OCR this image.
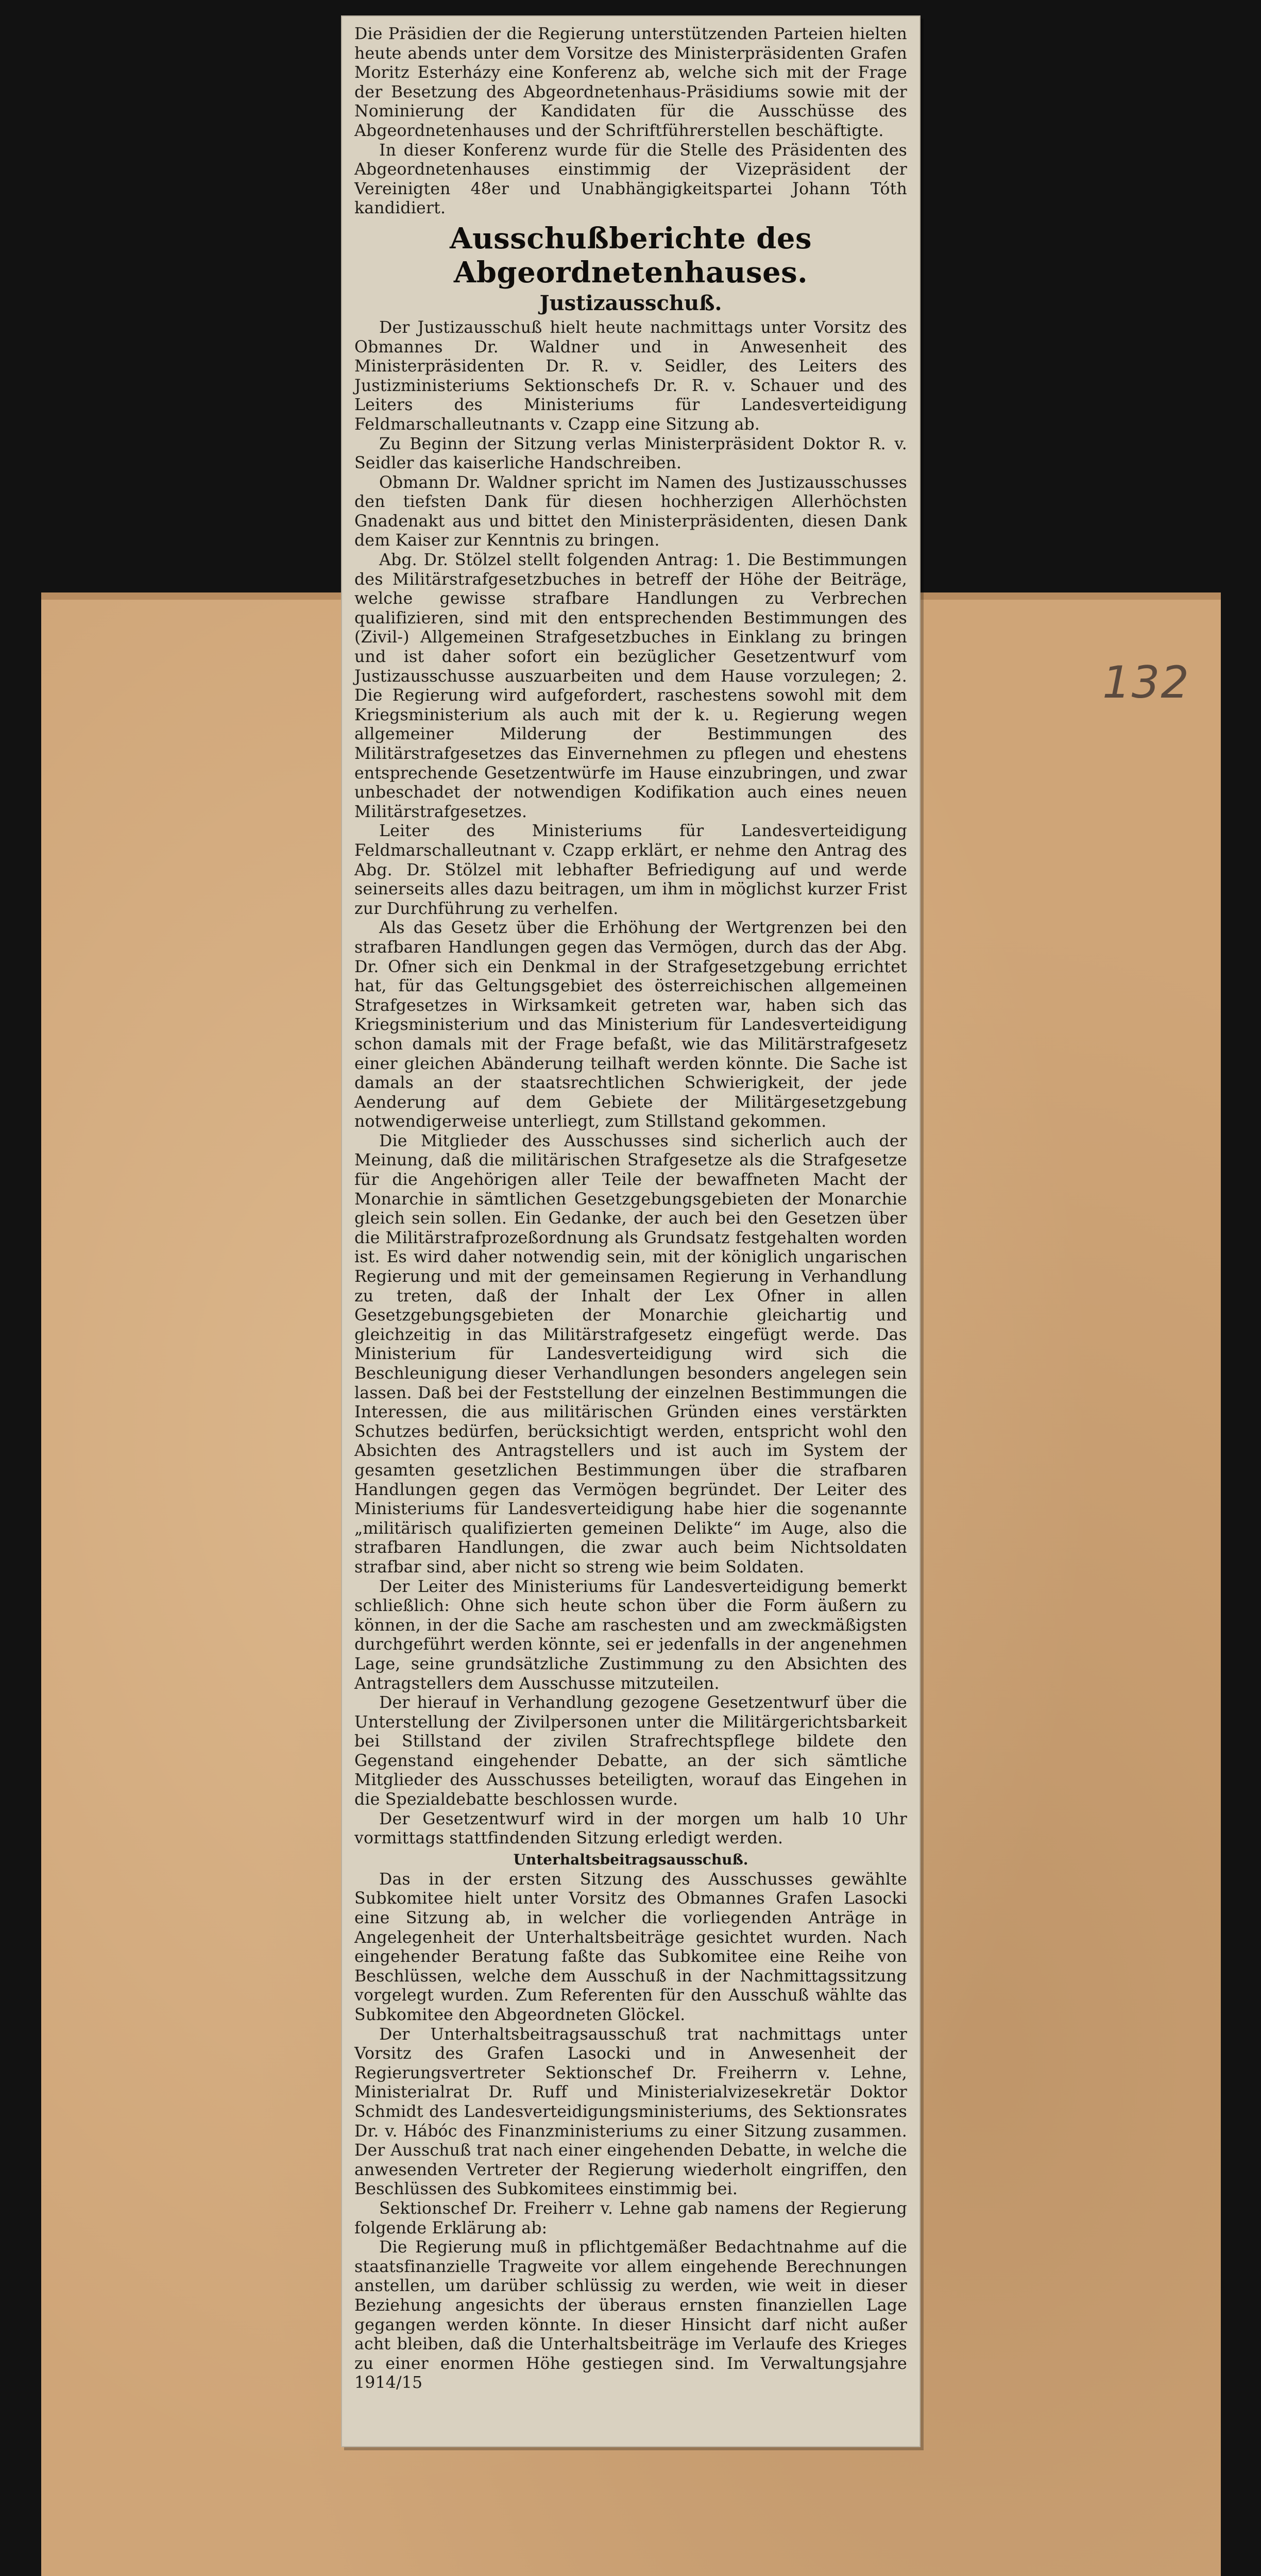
132

Die Präsidien der die Regierung unterstützenden Parteien hielten heute abends unter dem Vorsitze des Ministerpräsidenten Grafen Moritz Esterházy eine Konferenz ab, welche sich mit der Frage der Besetzung des Abgeordnetenhaus-Präsidiums sowie mit der Nominierung der Kandidaten für die Ausschüsse des Abgeordnetenhauses und der Schriftführerstellen beschäftigte.

In dieser Konferenz wurde für die Stelle des Präsidenten des Abgeordnetenhauses einstimmig der Vizepräsident der Vereinigten 48er und Unabhängigkeitspartei Johann Tóth kandidiert.

Ausschußberichte des Abgeordnetenhauses.
Justizausschuß.

Der Justizausschuß hielt heute nachmittags unter Vorsitz des Obmannes Dr. Waldner und in Anwesenheit des Ministerpräsidenten Dr. R. v. Seidler, des Leiters des Justizministeriums Sektionschefs Dr. R. v. Schauer und des Leiters des Ministeriums für Landesverteidigung Feldmarschalleutnants v. Czapp eine Sitzung ab.

Zu Beginn der Sitzung verlas Ministerpräsident Doktor R. v. Seidler das kaiserliche Handschreiben.

Obmann Dr. Waldner spricht im Namen des Justizausschusses den tiefsten Dank für diesen hochherzigen Allerhöchsten Gnadenakt aus und bittet den Ministerpräsidenten, diesen Dank dem Kaiser zur Kenntnis zu bringen.

Abg. Dr. Stölzel stellt folgenden Antrag: 1. Die Bestimmungen des Militärstrafgesetzbuches in betreff der Höhe der Beiträge, welche gewisse strafbare Handlungen zu Verbrechen qualifizieren, sind mit den entsprechenden Bestimmungen des (Zivil-) Allgemeinen Strafgesetzbuches in Einklang zu bringen und ist daher sofort ein bezüglicher Gesetzentwurf vom Justizausschusse auszuarbeiten und dem Hause vorzulegen; 2. Die Regierung wird aufgefordert, raschestens sowohl mit dem Kriegsministerium als auch mit der k. u. Regierung wegen allgemeiner Milderung der Bestimmungen des Militärstrafgesetzes das Einvernehmen zu pflegen und ehestens entsprechende Gesetzentwürfe im Hause einzubringen, und zwar unbeschadet der notwendigen Kodifikation auch eines neuen Militärstrafgesetzes.

Leiter des Ministeriums für Landesverteidigung Feldmarschalleutnant v. Czapp erklärt, er nehme den Antrag des Abg. Dr. Stölzel mit lebhafter Befriedigung auf und werde seinerseits alles dazu beitragen, um ihm in möglichst kurzer Frist zur Durchführung zu verhelfen.

Als das Gesetz über die Erhöhung der Wertgrenzen bei den strafbaren Handlungen gegen das Vermögen, durch das der Abg. Dr. Ofner sich ein Denkmal in der Strafgesetzgebung errichtet hat, für das Geltungsgebiet des österreichischen allgemeinen Strafgesetzes in Wirksamkeit getreten war, haben sich das Kriegsministerium und das Ministerium für Landesverteidigung schon damals mit der Frage befaßt, wie das Militärstrafgesetz einer gleichen Abänderung teilhaft werden könnte. Die Sache ist damals an der staatsrechtlichen Schwierigkeit, der jede Aenderung auf dem Gebiete der Militärgesetzgebung notwendigerweise unterliegt, zum Stillstand gekommen.

Die Mitglieder des Ausschusses sind sicherlich auch der Meinung, daß die militärischen Strafgesetze als die Strafgesetze für die Angehörigen aller Teile der bewaffneten Macht der Monarchie in sämtlichen Gesetzgebungsgebieten der Monarchie gleich sein sollen. Ein Gedanke, der auch bei den Gesetzen über die Militärstrafprozeßordnung als Grundsatz festgehalten worden ist. Es wird daher notwendig sein, mit der königlich ungarischen Regierung und mit der gemeinsamen Regierung in Verhandlung zu treten, daß der Inhalt der Lex Ofner in allen Gesetzgebungsgebieten der Monarchie gleichartig und gleichzeitig in das Militärstrafgesetz eingefügt werde. Das Ministerium für Landesverteidigung wird sich die Beschleunigung dieser Verhandlungen besonders angelegen sein lassen. Daß bei der Feststellung der einzelnen Bestimmungen die Interessen, die aus militärischen Gründen eines verstärkten Schutzes bedürfen, berücksichtigt werden, entspricht wohl den Absichten des Antragstellers und ist auch im System der gesamten gesetzlichen Bestimmungen über die strafbaren Handlungen gegen das Vermögen begründet. Der Leiter des Ministeriums für Landesverteidigung habe hier die sogenannte „militärisch qualifizierten gemeinen Delikte“ im Auge, also die strafbaren Handlungen, die zwar auch beim Nichtsoldaten strafbar sind, aber nicht so streng wie beim Soldaten.

Der Leiter des Ministeriums für Landesverteidigung bemerkt schließlich: Ohne sich heute schon über die Form äußern zu können, in der die Sache am raschesten und am zweckmäßigsten durchgeführt werden könnte, sei er jedenfalls in der angenehmen Lage, seine grundsätzliche Zustimmung zu den Absichten des Antragstellers dem Ausschusse mitzuteilen.

Der hierauf in Verhandlung gezogene Gesetzentwurf über die Unterstellung der Zivilpersonen unter die Militärgerichtsbarkeit bei Stillstand der zivilen Strafrechtspflege bildete den Gegenstand eingehender Debatte, an der sich sämtliche Mitglieder des Ausschusses beteiligten, worauf das Eingehen in die Spezialdebatte beschlossen wurde.

Der Gesetzentwurf wird in der morgen um halb 10 Uhr vormittags stattfindenden Sitzung erledigt werden.

Unterhaltsbeitragsausschuß.

Das in der ersten Sitzung des Ausschusses gewählte Subkomitee hielt unter Vorsitz des Obmannes Grafen Lasocki eine Sitzung ab, in welcher die vorliegenden Anträge in Angelegenheit der Unterhaltsbeiträge gesichtet wurden. Nach eingehender Beratung faßte das Subkomitee eine Reihe von Beschlüssen, welche dem Ausschuß in der Nachmittagssitzung vorgelegt wurden. Zum Referenten für den Ausschuß wählte das Subkomitee den Abgeordneten Glöckel.

Der Unterhaltsbeitragsausschuß trat nachmittags unter Vorsitz des Grafen Lasocki und in Anwesenheit der Regierungsvertreter Sektionschef Dr. Freiherrn v. Lehne, Ministerialrat Dr. Ruff und Ministerialvizesekretär Doktor Schmidt des Landesverteidigungsministeriums, des Sektionsrates Dr. v. Hábóc des Finanzministeriums zu einer Sitzung zusammen. Der Ausschuß trat nach einer eingehenden Debatte, in welche die anwesenden Vertreter der Regierung wiederholt eingriffen, den Beschlüssen des Subkomitees einstimmig bei.

Sektionschef Dr. Freiherr v. Lehne gab namens der Regierung folgende Erklärung ab:

Die Regierung muß in pflichtgemäßer Bedachtnahme auf die staatsfinanzielle Tragweite vor allem eingehende Berechnungen anstellen, um darüber schlüssig zu werden, wie weit in dieser Beziehung angesichts der überaus ernsten finanziellen Lage gegangen werden könnte. In dieser Hinsicht darf nicht außer acht bleiben, daß die Unterhaltsbeiträge im Verlaufe des Krieges zu einer enormen Höhe gestiegen sind. Im Verwaltungsjahre 1914/15
